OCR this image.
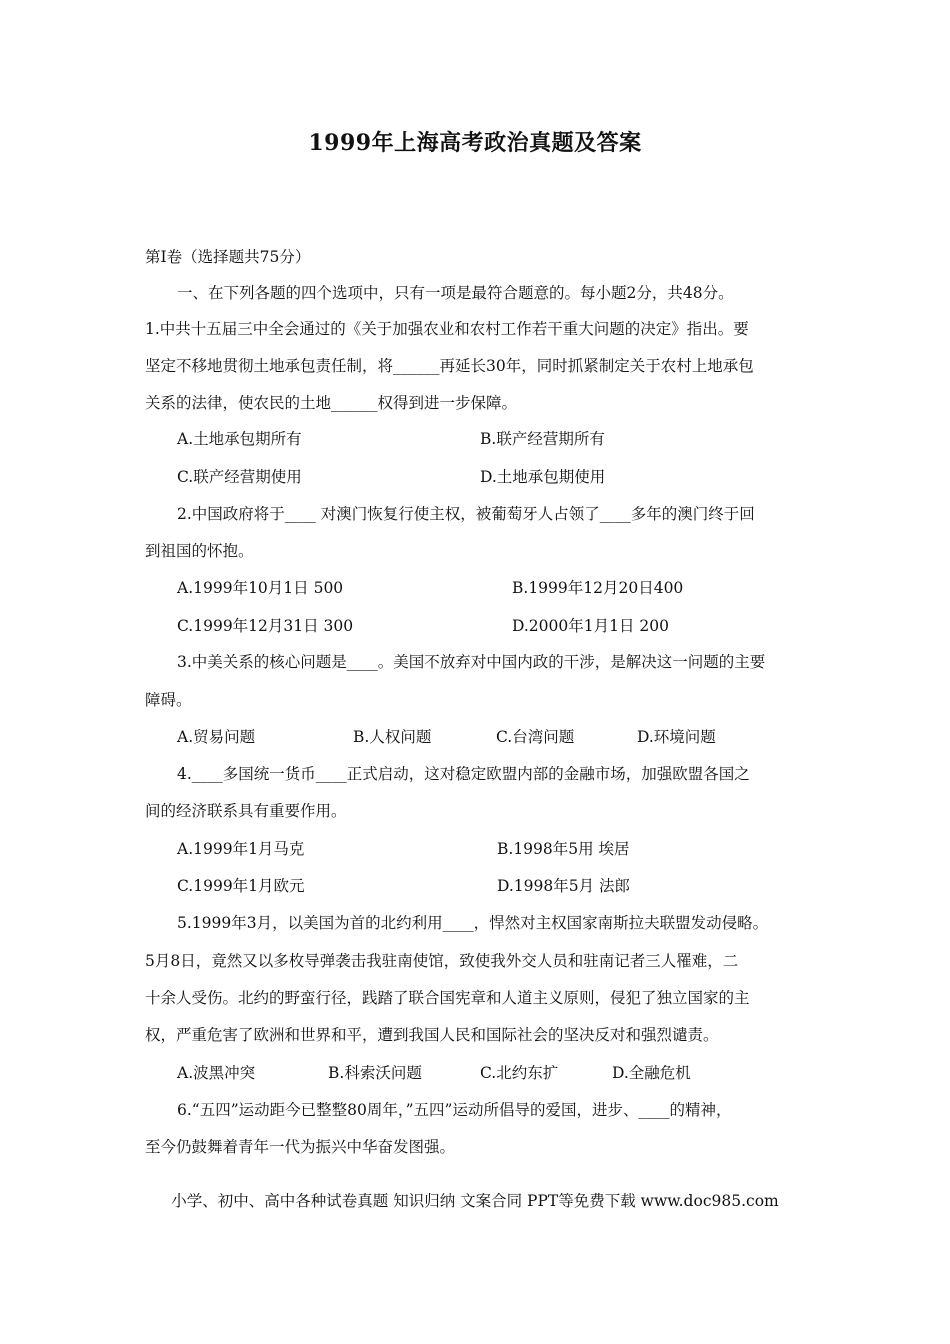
1999年上海高考政治真题及答案
第Ⅰ卷（选择题共75分）
一、在下列各题的四个选项中，只有一项是最符合题意的。每小题2分，共48分。
1.中共十五届三中全会通过的《关于加强农业和农村工作若干重大问题的决定》指出。要
坚定不移地贯彻土地承包责任制，将______再延长30年，同时抓紧制定关于农村上地承包
关系的法律，使农民的土地______权得到进一步保障。
A.土地承包期所有	B.联产经营期所有
C.联产经营期使用	D.土地承包期使用
2.中国政府将于____ 对澳门恢复行使主权，被葡萄牙人占领了____多年的澳门终于回
到祖国的怀抱。
A.1999年10月1日 500	B.1999年12月20日400
C.1999年12月31日 300	D.2000年1月1日 200
3.中美关系的核心问题是____。美国不放弃对中国内政的干涉，是解决这一问题的主要
障碍。
A.贸易问题	B.人权问题	C.台湾问题	D.环境问题
4.____多国统一货币____正式启动，这对稳定欧盟内部的金融市场，加强欧盟各国之
间的经济联系具有重要作用。
A.1999年1月马克	B.1998年5用 埃居
C.1999年1月欧元	D.1998年5月 法郎
5.1999年3月，以美国为首的北约利用____，悍然对主权国家南斯拉夫联盟发动侵略。
5月8日，竟然又以多枚导弹袭击我驻南使馆，致使我外交人员和驻南记者三人罹难，二
十余人受伤。北约的野蛮行径，践踏了联合国宪章和人道主义原则，侵犯了独立国家的主
权，严重危害了欧洲和世界和平，遭到我国人民和国际社会的坚决反对和强烈谴责。
A.波黑冲突	B.科索沃问题	C.北约东扩	D.全融危机
6.“五四”运动距今已整整80周年，”五四”运动所倡导的爱国，进步、____的精神，
至今仍鼓舞着青年一代为振兴中华奋发图强。
小学、初中、高中各种试卷真题 知识归纳 文案合同 PPT等免费下载 www.doc985.com
